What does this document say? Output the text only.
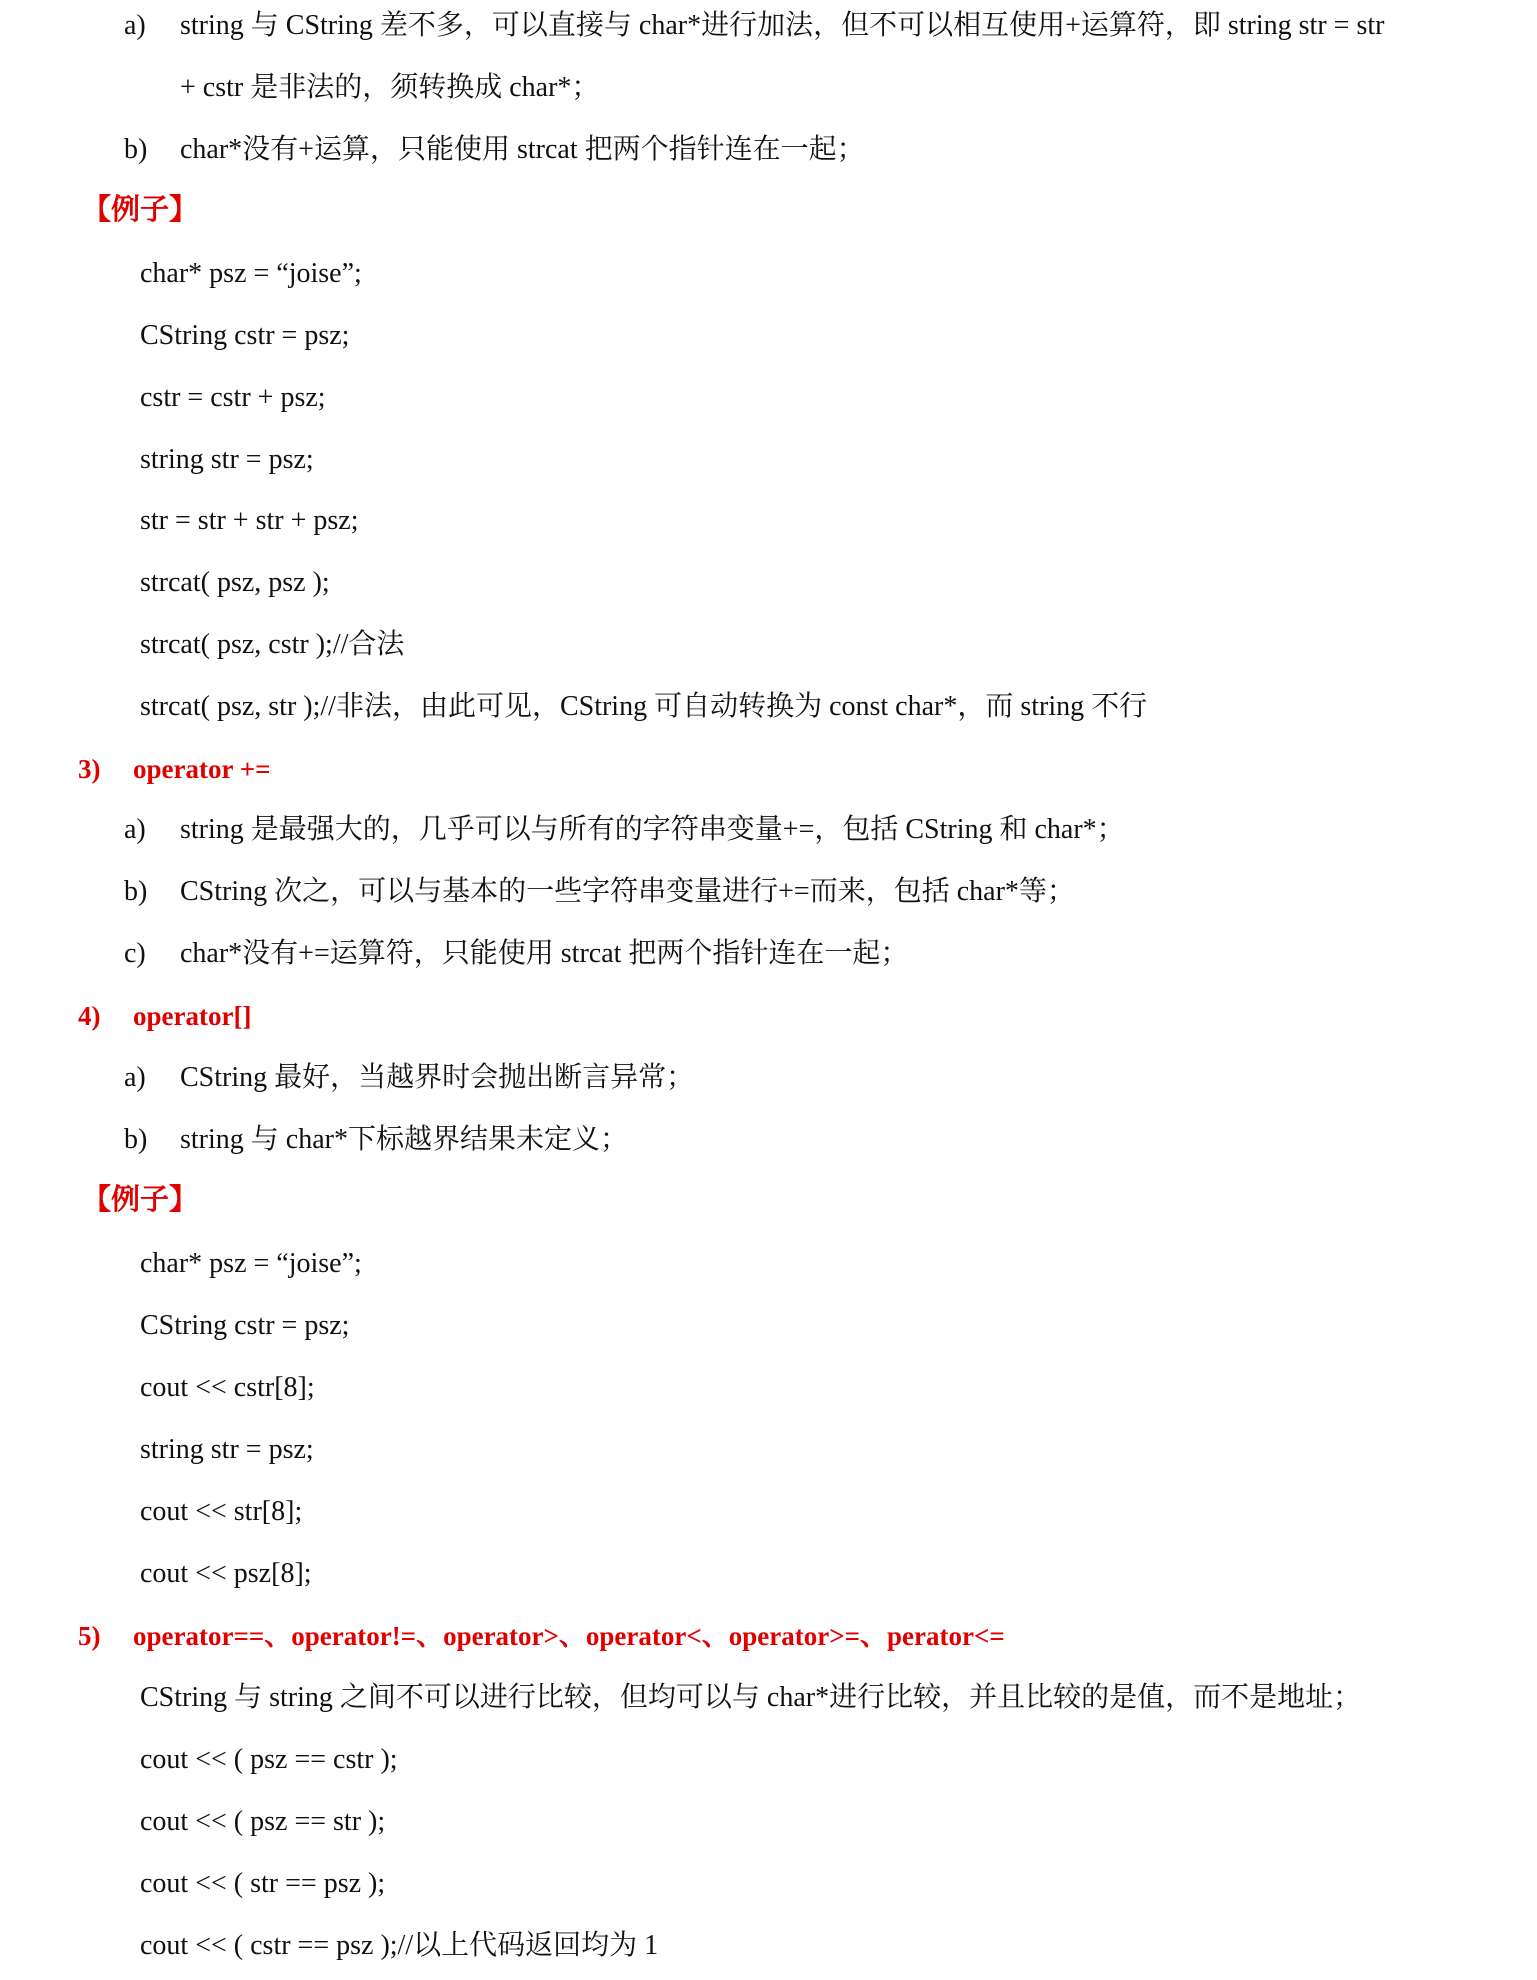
a) string 与 CString 差不多，可以直接与 char*进行加法，但不可以相互使用+运算符，即 string str = str
+ cstr 是非法的，须转换成 char*；
b) char*没有+运算，只能使用 strcat 把两个指针连在一起；
【例子】
char* psz = “joise”;
CString cstr = psz;
cstr = cstr + psz;
string str = psz;
str = str + str + psz;
strcat( psz, psz );
strcat( psz, cstr );//合法
strcat( psz, str );//非法，由此可见，CString 可自动转换为 const char*，而 string 不行
3) operator +=
a) string 是最强大的，几乎可以与所有的字符串变量+=，包括 CString 和 char*；
b) CString 次之，可以与基本的一些字符串变量进行+=而来，包括 char*等；
c) char*没有+=运算符，只能使用 strcat 把两个指针连在一起；
4) operator[]
a) CString 最好，当越界时会抛出断言异常；
b) string 与 char*下标越界结果未定义；
【例子】
char* psz = “joise”;
CString cstr = psz;
cout << cstr[8];
string str = psz;
cout << str[8];
cout << psz[8];
5) operator==、operator!=、operator>、operator<、operator>=、perator<=
CString 与 string 之间不可以进行比较，但均可以与 char*进行比较，并且比较的是值，而不是地址；
cout << ( psz == cstr );
cout << ( psz == str );
cout << ( str == psz );
cout << ( cstr == psz );//以上代码返回均为 1
